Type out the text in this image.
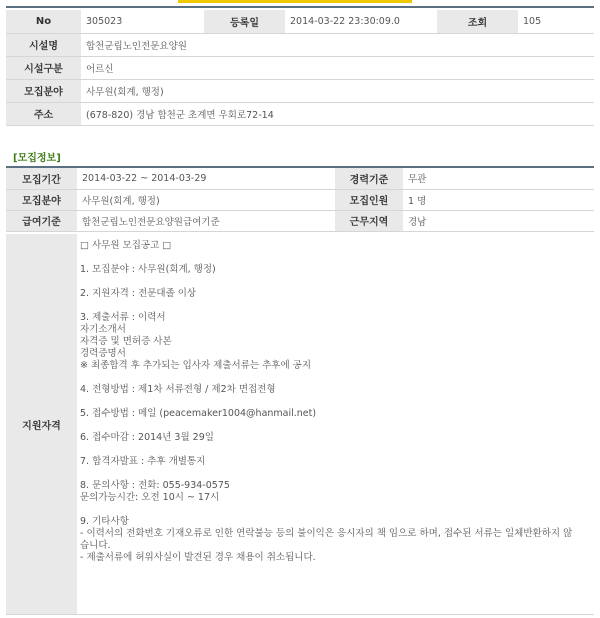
No	305023	등록일	2014-03-22 23:30:09.0	조회	105
시설명	합천군립노인전문요양원				
시설구분	어르신				
모집분야	사무원(회계, 행정)				
주소	(678-820) 경남 합천군 초계면 우회로72-14				
[모집정보]
모집기간	2014-03-22 ~ 2014-03-29	경력기준	무관
모집분야	사무원(회계, 행정)	모집인원	1 명
급여기준	합천군립노인전문요양원급여기준	근무지역	경남
지원자격

□ 사무원 모집공고 □

1. 모집분야 : 사무원(회계, 행정)

2. 지원자격 : 전문대졸 이상

3. 제출서류 : 이력서

자기소개서

자격증 및 면허증 사본

경력증명서

※ 최종합격 후 추가되는 입사자 제출서류는 추후에 공지

4. 전형방법 : 제1차 서류전형 / 제2차 면접전형

5. 접수방법 : 메일 (peacemaker1004@hanmail.net)

6. 접수마감 : 2014년 3월 29일

7. 합격자발표 : 추후 개별통지

8. 문의사항 : 전화: 055-934-0575

문의가능시간: 오전 10시 ~ 17시

9. 기타사항

- 이력서의 전화번호 기재오류로 인한 연락불능 등의 불이익은 응시자의 책 임으로 하며, 접수된 서류는 일체반환하지 않

습니다.

- 제출서류에 허위사실이 발견된 경우 채용이 취소됩니다.
